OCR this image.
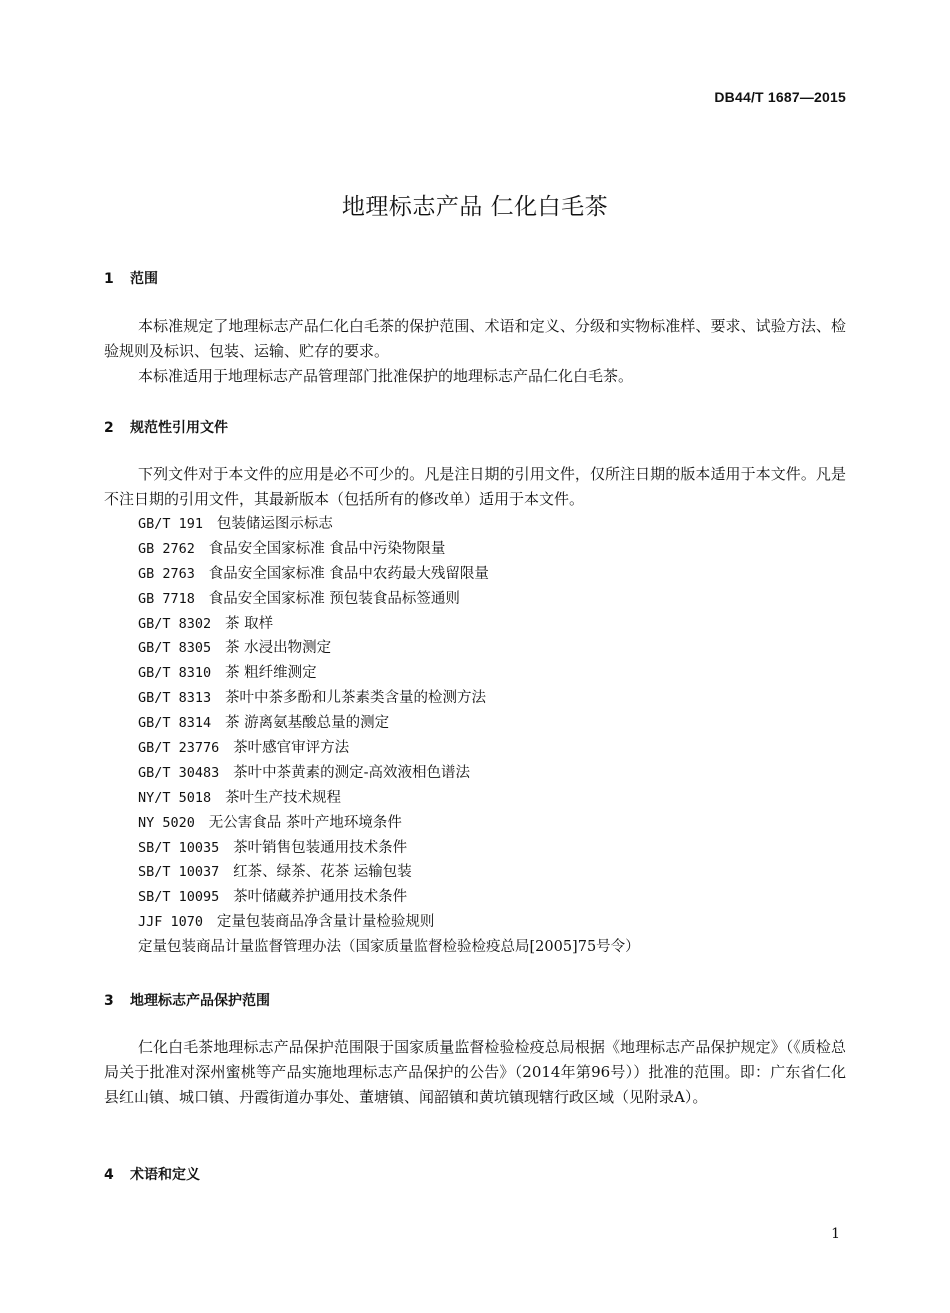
DB44/T 1687—2015
地理标志产品 仁化白毛茶
1 范围

本标准规定了地理标志产品仁化白毛茶的保护范围、术语和定义、分级和实物标准样、要求、试验方法、检验规则及标识、包装、运输、贮存的要求。

本标准适用于地理标志产品管理部门批准保护的地理标志产品仁化白毛茶。

2 规范性引用文件

下列文件对于本文件的应用是必不可少的。凡是注日期的引用文件，仅所注日期的版本适用于本文件。凡是不注日期的引用文件，其最新版本（包括所有的修改单）适用于本文件。

GB/T 191 包装储运图示标志
GB 2762 食品安全国家标准 食品中污染物限量
GB 2763 食品安全国家标准 食品中农药最大残留限量
GB 7718 食品安全国家标准 预包装食品标签通则
GB/T 8302 茶 取样
GB/T 8305 茶 水浸出物测定
GB/T 8310 茶 粗纤维测定
GB/T 8313 茶叶中茶多酚和儿茶素类含量的检测方法
GB/T 8314 茶 游离氨基酸总量的测定
GB/T 23776 茶叶感官审评方法
GB/T 30483 茶叶中茶黄素的测定-高效液相色谱法
NY/T 5018 茶叶生产技术规程
NY 5020 无公害食品 茶叶产地环境条件
SB/T 10035 茶叶销售包装通用技术条件
SB/T 10037 红茶、绿茶、花茶 运输包装
SB/T 10095 茶叶储藏养护通用技术条件
JJF 1070 定量包装商品净含量计量检验规则
定量包装商品计量监督管理办法（国家质量监督检验检疫总局[2005]75号令）
3 地理标志产品保护范围

仁化白毛茶地理标志产品保护范围限于国家质量监督检验检疫总局根据《地理标志产品保护规定》（《质检总局关于批准对深州蜜桃等产品实施地理标志产品保护的公告》（2014年第96号））批准的范围。即：广东省仁化县红山镇、城口镇、丹霞街道办事处、董塘镇、闻韶镇和黄坑镇现辖行政区域（见附录A）。

4 术语和定义
1
